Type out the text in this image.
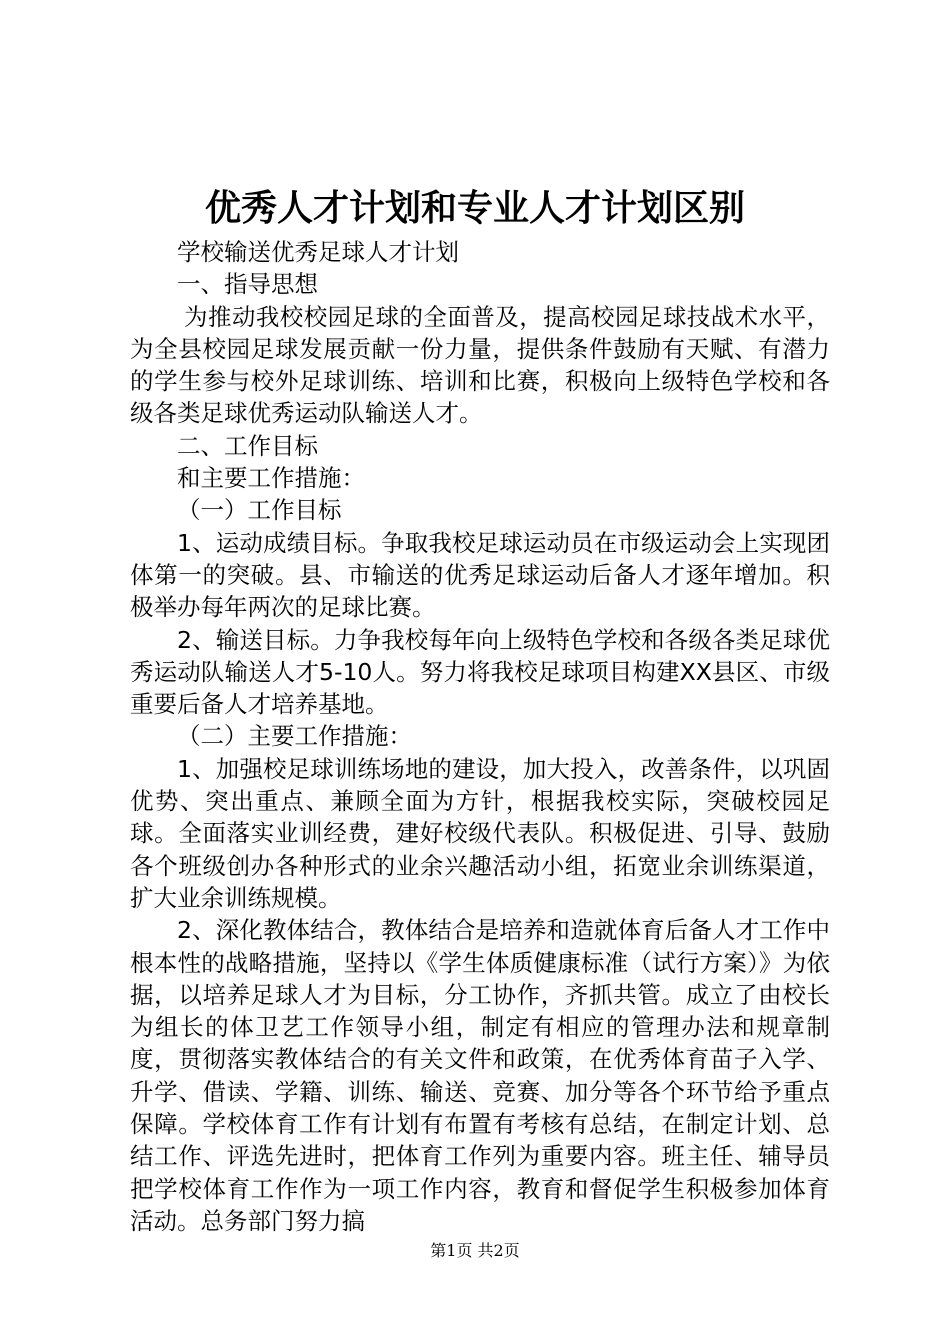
优秀人才计划和专业人才计划区别

学校输送优秀足球人才计划

一、指导思想

为推动我校校园足球的全面普及，提高校园足球技战术水平，为全县校园足球发展贡献一份力量，提供条件鼓励有天赋、有潜力的学生参与校外足球训练、培训和比赛，积极向上级特色学校和各级各类足球优秀运动队输送人才。

二、工作目标

和主要工作措施：

（一）工作目标

1、运动成绩目标。争取我校足球运动员在市级运动会上实现团体第一的突破。县、市输送的优秀足球运动后备人才逐年增加。积极举办每年两次的足球比赛。

2、输送目标。力争我校每年向上级特色学校和各级各类足球优秀运动队输送人才5-10人。努力将我校足球项目构建XX县区、市级重要后备人才培养基地。

（二）主要工作措施：

1、加强校足球训练场地的建设，加大投入，改善条件，以巩固优势、突出重点、兼顾全面为方针，根据我校实际，突破校园足球。全面落实业训经费，建好校级代表队。积极促进、引导、鼓励各个班级创办各种形式的业余兴趣活动小组，拓宽业余训练渠道，扩大业余训练规模。

2、深化教体结合，教体结合是培养和造就体育后备人才工作中根本性的战略措施，坚持以《学生体质健康标准（试行方案）》为依据，以培养足球人才为目标，分工协作，齐抓共管。成立了由校长为组长的体卫艺工作领导小组，制定有相应的管理办法和规章制度，贯彻落实教体结合的有关文件和政策，在优秀体育苗子入学、升学、借读、学籍、训练、输送、竞赛、加分等各个环节给予重点保障。学校体育工作有计划有布置有考核有总结，在制定计划、总结工作、评选先进时，把体育工作列为重要内容。班主任、辅导员把学校体育工作作为一项工作内容，教育和督促学生积极参加体育活动。总务部门努力搞

第1页 共2页
